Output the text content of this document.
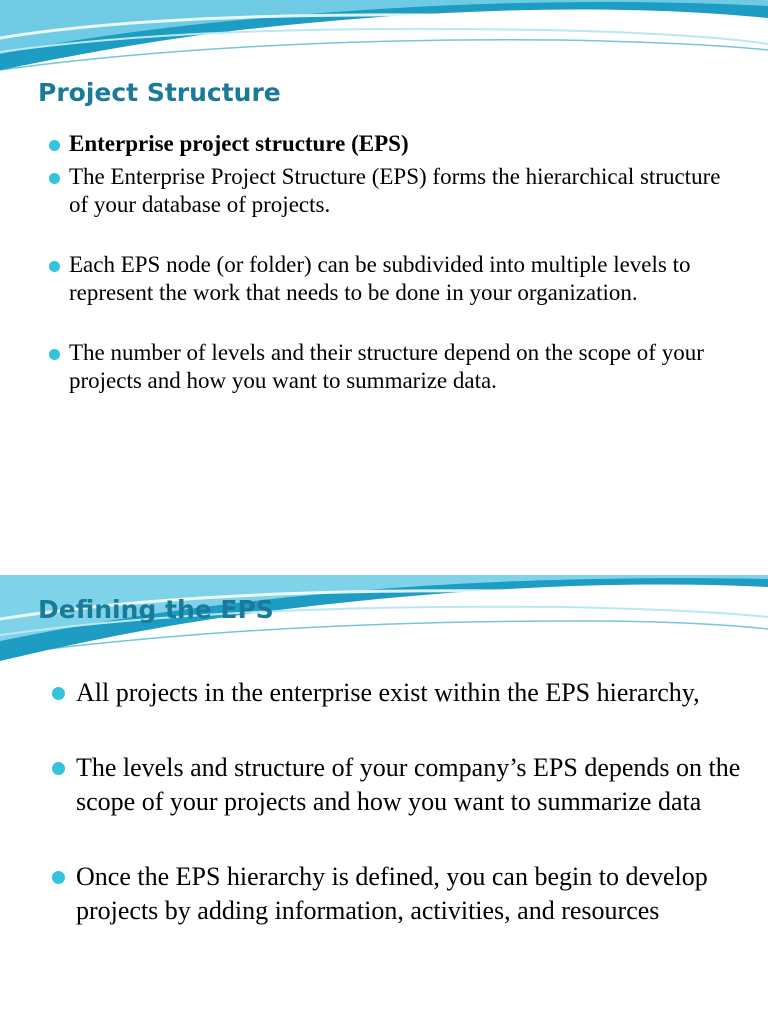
Project Structure
Enterprise project structure (EPS)
The Enterprise Project Structure (EPS) forms the hierarchical structure of your database of projects.
Each EPS node (or folder) can be subdivided into multiple levels to represent the work that needs to be done in your organization.
The number of levels and their structure depend on the scope of your projects and how you want to summarize data.
Defining the EPS
All projects in the enterprise exist within the EPS hierarchy,
The levels and structure of your company’s EPS depends on the scope of your projects and how you want to summarize data
Once the EPS hierarchy is defined, you can begin to develop projects by adding information, activities, and resources
